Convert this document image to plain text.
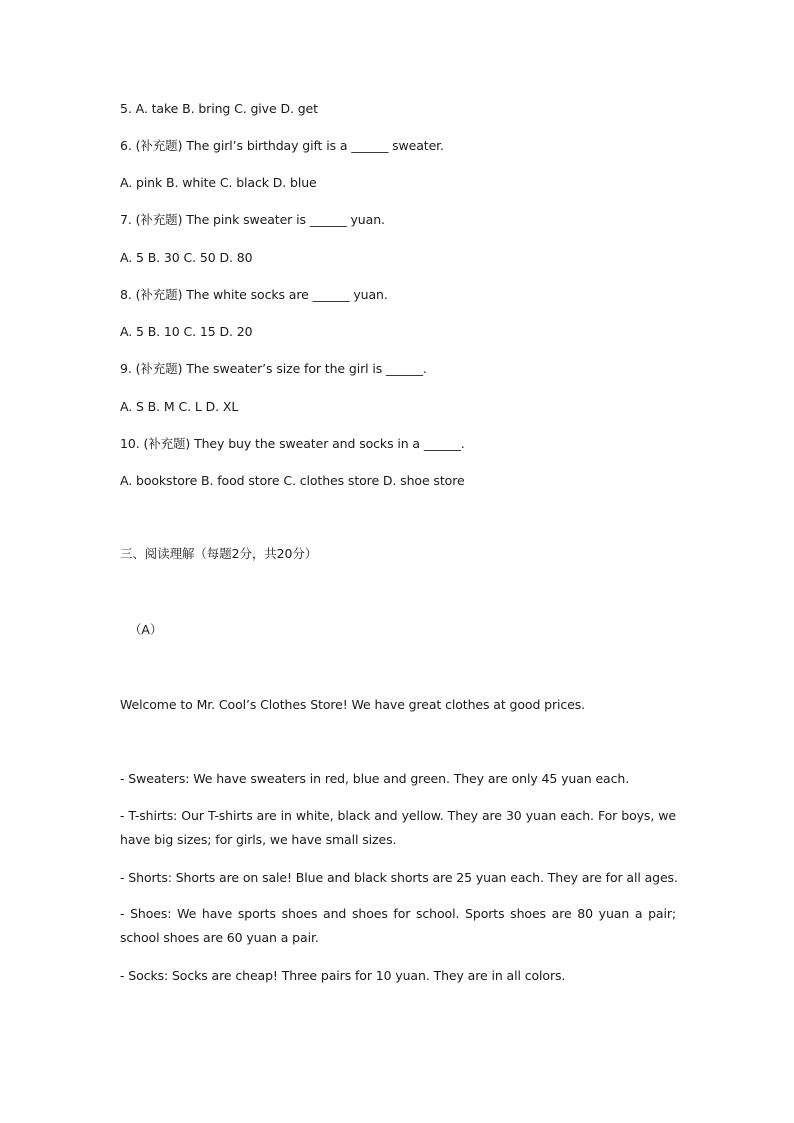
5. A. take B. bring C. give D. get
6. (补充题) The girl’s birthday gift is a ______ sweater.
A. pink B. white C. black D. blue
7. (补充题) The pink sweater is ______ yuan.
A. 5 B. 30 C. 50 D. 80
8. (补充题) The white socks are ______ yuan.
A. 5 B. 10 C. 15 D. 20
9. (补充题) The sweater’s size for the girl is ______.
A. S B. M C. L D. XL
10. (补充题) They buy the sweater and socks in a ______.
A. bookstore B. food store C. clothes store D. shoe store
三、阅读理解（每题2分，共20分）
（A）
Welcome to Mr. Cool’s Clothes Store! We have great clothes at good prices.
- Sweaters: We have sweaters in red, blue and green. They are only 45 yuan each.
- T-shirts: Our T-shirts are in white, black and yellow. They are 30 yuan each. For boys, we have big sizes; for girls, we have small sizes.
- Shorts: Shorts are on sale! Blue and black shorts are 25 yuan each. They are for all ages.
- Shoes: We have sports shoes and shoes for school. Sports shoes are 80 yuan a pair; school shoes are 60 yuan a pair.
- Socks: Socks are cheap! Three pairs for 10 yuan. They are in all colors.
